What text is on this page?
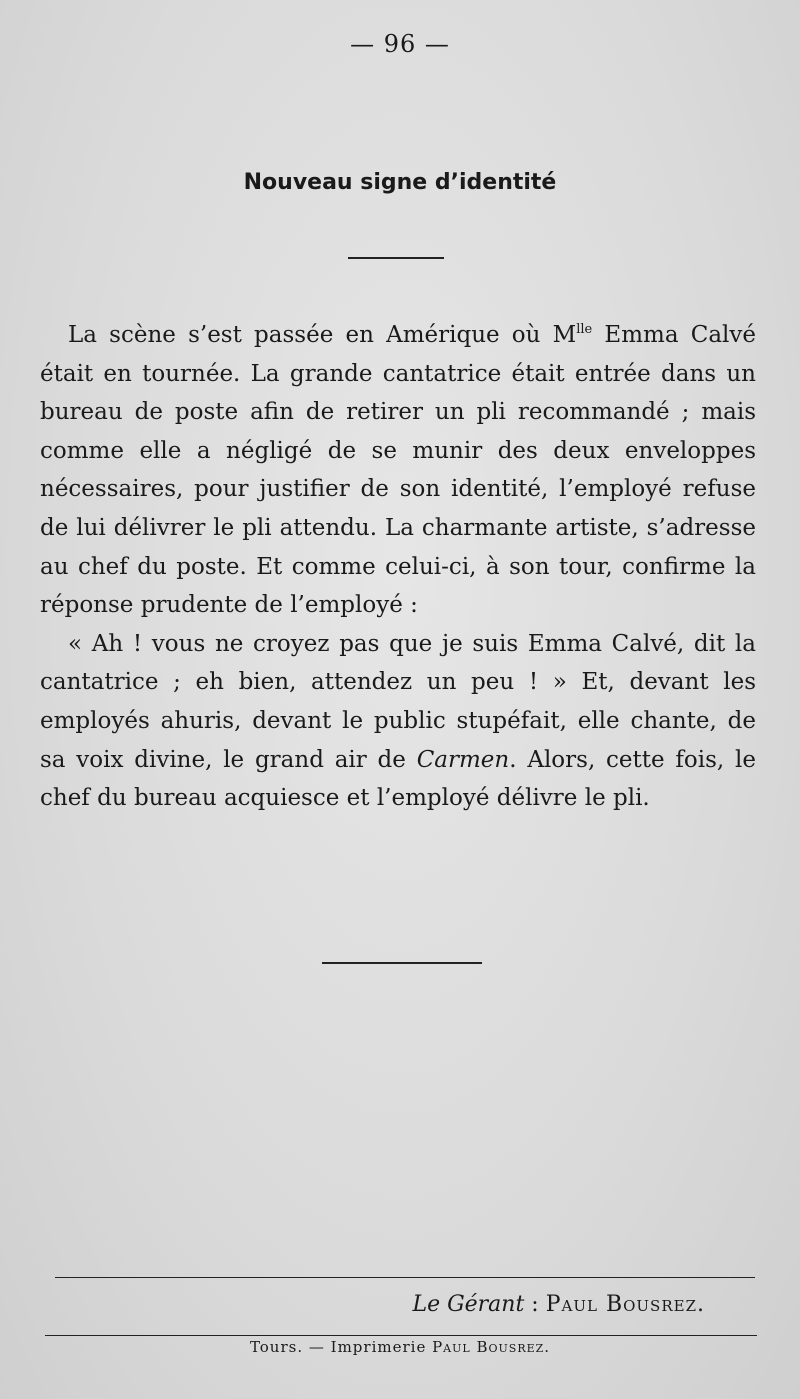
— 96 —
Nouveau signe d’identité

La scène s’est passée en Amérique où $M^{lle}$ Emma Calvé était en tournée. La grande cantatrice était entrée dans un bureau de poste afin de retirer un pli recommandé ; mais comme elle a négligé de se munir des deux enveloppes nécessaires, pour justifier de son identité, l’employé refuse de lui délivrer le pli attendu. La charmante artiste, s’adresse au chef du poste. Et comme celui-ci, à son tour, confirme la réponse prudente de l’employé :

« Ah ! vous ne croyez pas que je suis Emma Calvé, dit la cantatrice ; eh bien, attendez un peu ! » Et, devant les employés ahuris, devant le public stupéfait, elle chante, de sa voix divine, le grand air de Carmen. Alors, cette fois, le chef du bureau acquiesce et l’employé délivre le pli.

Le Gérant : Paul Bousrez.
Tours. — Imprimerie Paul Bousrez.
